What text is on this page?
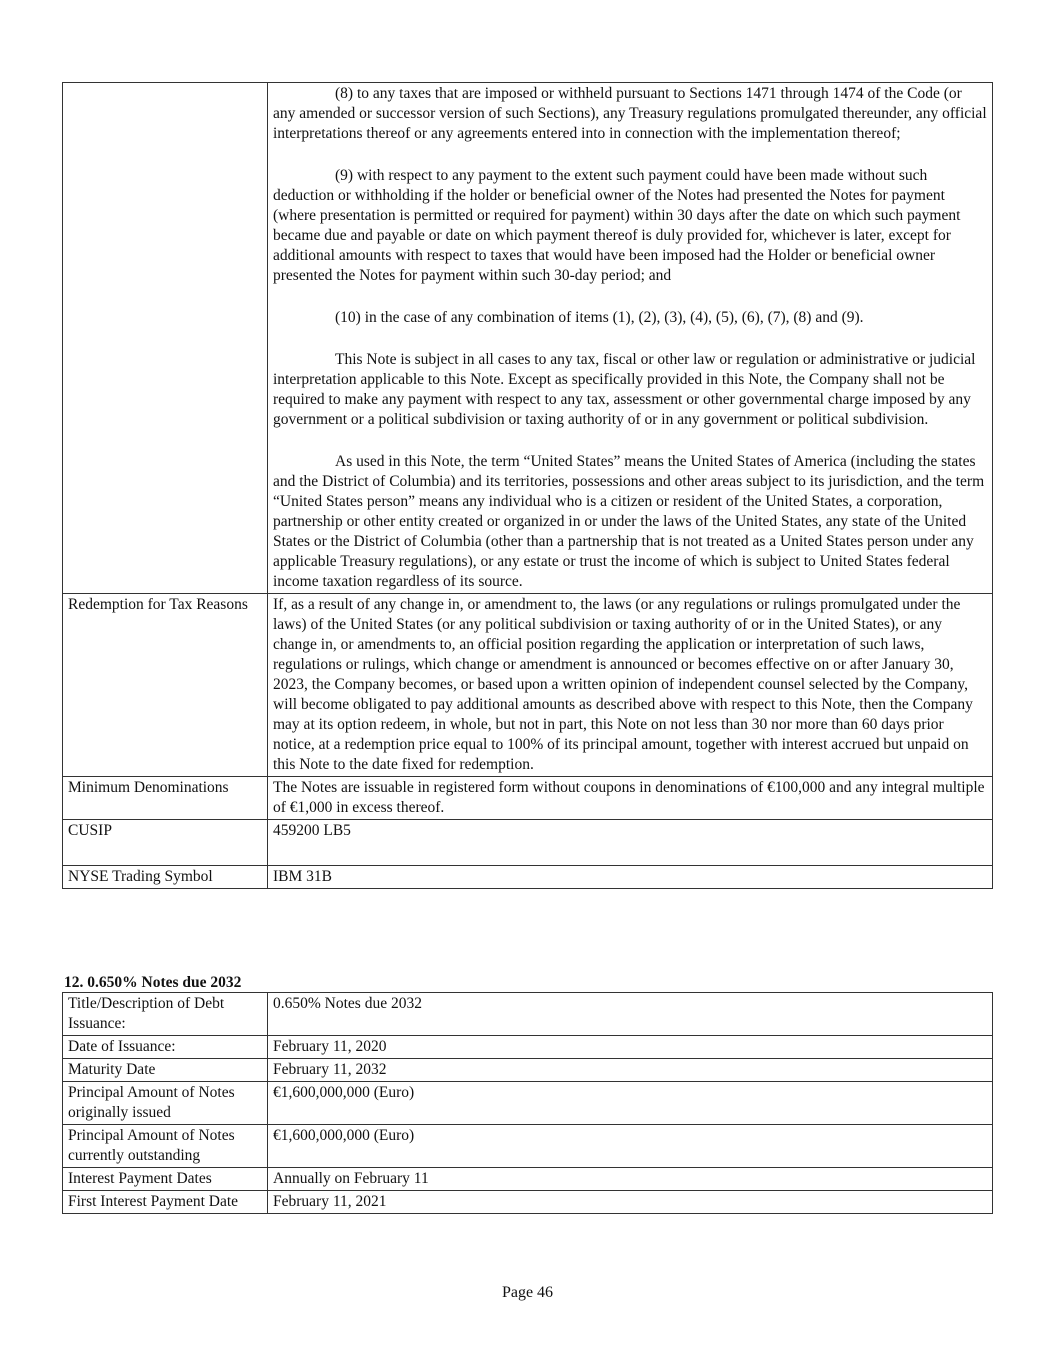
	(8) to any taxes that are imposed or withheld pursuant to Sections 1471 through 1474 of the Code (or any amended or successor version of such Sections), any Treasury regulations promulgated thereunder, any official interpretations thereof or any agreements entered into in connection with the implementation thereof;

(9) with respect to any payment to the extent such payment could have been made without such deduction or withholding if the holder or beneficial owner of the Notes had presented the Notes for payment (where presentation is permitted or required for payment) within 30 days after the date on which such payment became due and payable or date on which payment thereof is duly provided for, whichever is later, except for additional amounts with respect to taxes that would have been imposed had the Holder or beneficial owner presented the Notes for payment within such 30-day period; and

(10) in the case of any combination of items (1), (2), (3), (4), (5), (6), (7), (8) and (9).

This Note is subject in all cases to any tax, fiscal or other law or regulation or administrative or judicial interpretation applicable to this Note. Except as specifically provided in this Note, the Company shall not be required to make any payment with respect to any tax, assessment or other governmental charge imposed by any government or a political subdivision or taxing authority of or in any government or political subdivision.

As used in this Note, the term “United States” means the United States of America (including the states and the District of Columbia) and its territories, possessions and other areas subject to its jurisdiction, and the term “United States person” means any individual who is a citizen or resident of the United States, a corporation, partnership or other entity created or organized in or under the laws of the United States, any state of the United States or the District of Columbia (other than a partnership that is not treated as a United States person under any applicable Treasury regulations), or any estate or trust the income of which is subject to United States federal income taxation regardless of its source.

Redemption for Tax Reasons	If, as a result of any change in, or amendment to, the laws (or any regulations or rulings promulgated under the laws) of the United States (or any political subdivision or taxing authority of or in the United States), or any change in, or amendments to, an official position regarding the application or interpretation of such laws, regulations or rulings, which change or amendment is announced or becomes effective on or after January 30, 2023, the Company becomes, or based upon a written opinion of independent counsel selected by the Company, will become obligated to pay additional amounts as described above with respect to this Note, then the Company may at its option redeem, in whole, but not in part, this Note on not less than 30 nor more than 60 days prior notice, at a redemption price equal to 100% of its principal amount, together with interest accrued but unpaid on this Note to the date fixed for redemption.
Minimum Denominations	The Notes are issuable in registered form without coupons in denominations of €100,000 and any integral multiple of €1,000 in excess thereof.
CUSIP	459200 LB5
NYSE Trading Symbol	IBM 31B

12. 0.650% Notes due 2032

Title/Description of Debt Issuance:	0.650% Notes due 2032
Date of Issuance:	February 11, 2020
Maturity Date	February 11, 2032
Principal Amount of Notes originally issued	€1,600,000,000 (Euro)
Principal Amount of Notes currently outstanding	€1,600,000,000 (Euro)
Interest Payment Dates	Annually on February 11
First Interest Payment Date	February 11, 2021
Page 46
